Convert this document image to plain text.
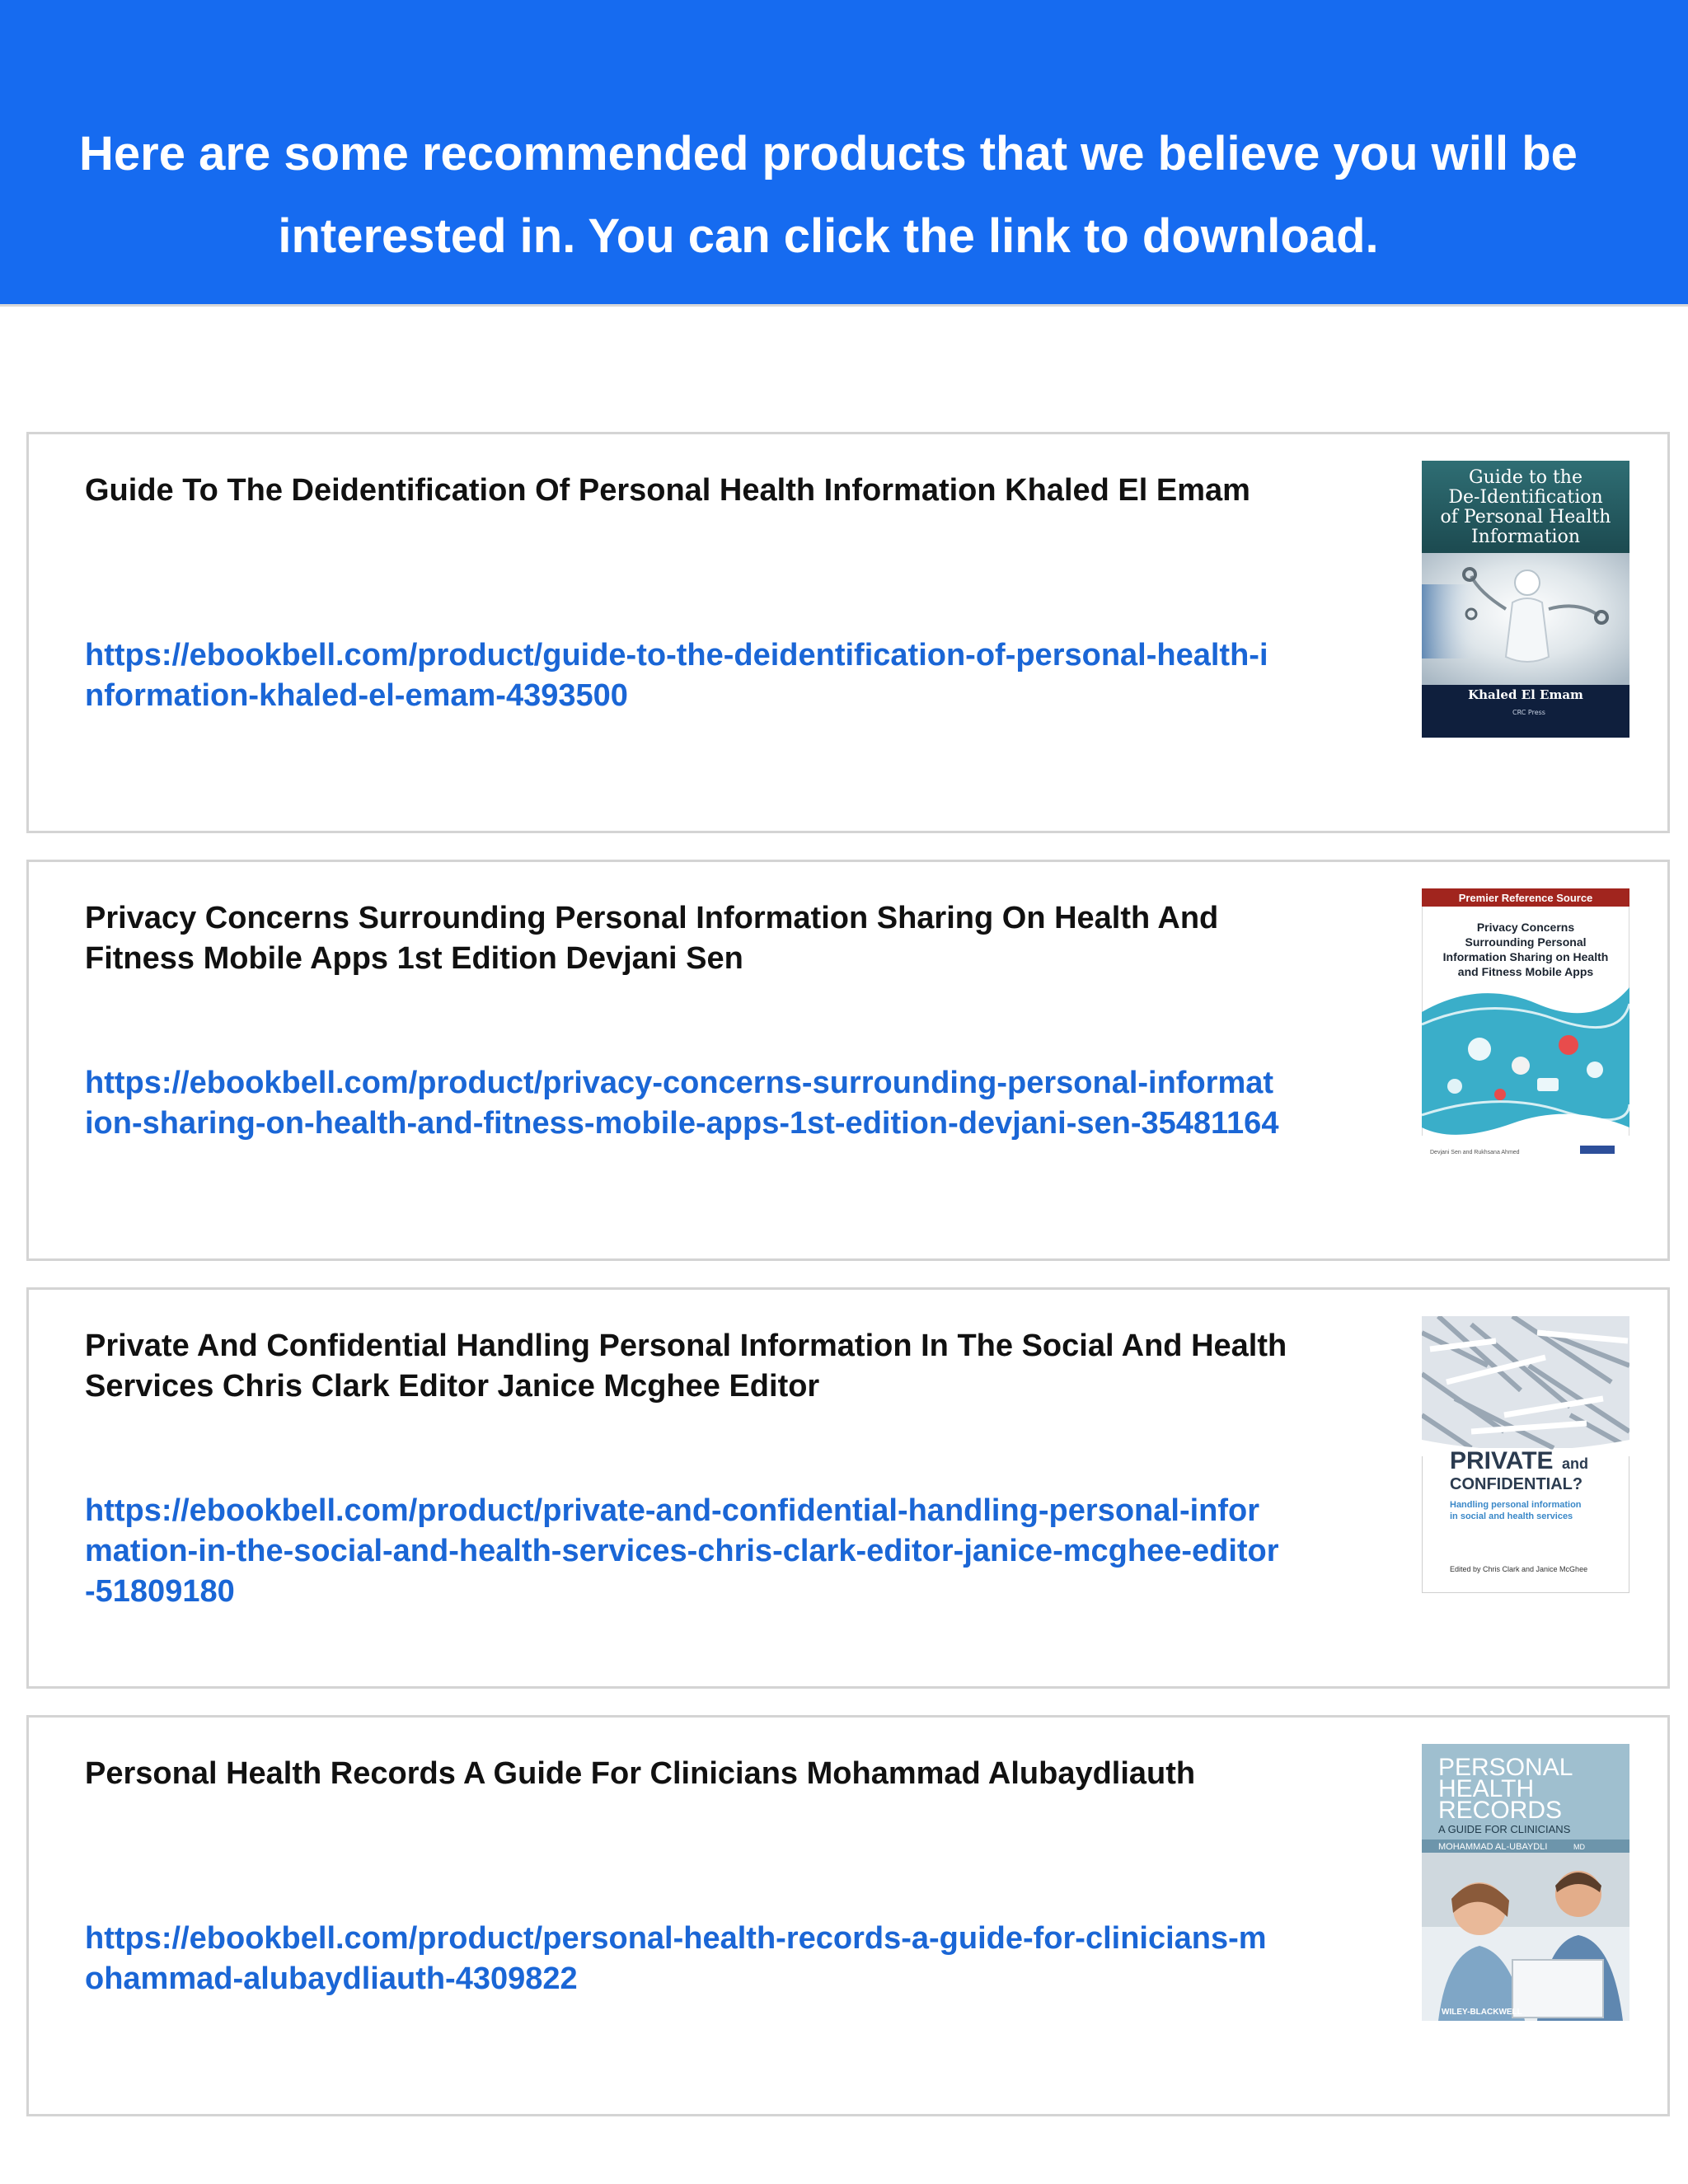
Here are some recommended products that we believe you will be
interested in. You can click the link to download.
Guide To The Deidentification Of Personal Health Information Khaled El Emam
https://ebookbell.com/product/guide-to-the-deidentification-of-personal-health-information-khaled-el-emam-4393500
Guide to the
De-Identification
of Personal Health
Information
Khaled El Emam
CRC Press
Privacy Concerns Surrounding Personal Information Sharing On Health And Fitness Mobile Apps 1st Edition Devjani Sen
https://ebookbell.com/product/privacy-concerns-surrounding-personal-information-sharing-on-health-and-fitness-mobile-apps-1st-edition-devjani-sen-35481164
Premier Reference Source
Privacy Concerns
Surrounding Personal
Information Sharing on Health
and Fitness Mobile Apps
Devjani Sen and Rukhsana Ahmed
Private And Confidential Handling Personal Information In The Social And Health Services Chris Clark Editor Janice Mcghee Editor
https://ebookbell.com/product/private-and-confidential-handling-personal-information-in-the-social-and-health-services-chris-clark-editor-janice-mcghee-editor-51809180
PRIVATE and
CONFIDENTIAL?
Handling personal information
in social and health services
Edited by Chris Clark and Janice McGhee
Personal Health Records A Guide For Clinicians Mohammad Alubaydliauth
https://ebookbell.com/product/personal-health-records-a-guide-for-clinicians-mohammad-alubaydliauth-4309822
PERSONAL
HEALTH
RECORDS
A GUIDE FOR CLINICIANS
MOHAMMAD AL-UBAYDLI	MD
WILEY-BLACKWELL
